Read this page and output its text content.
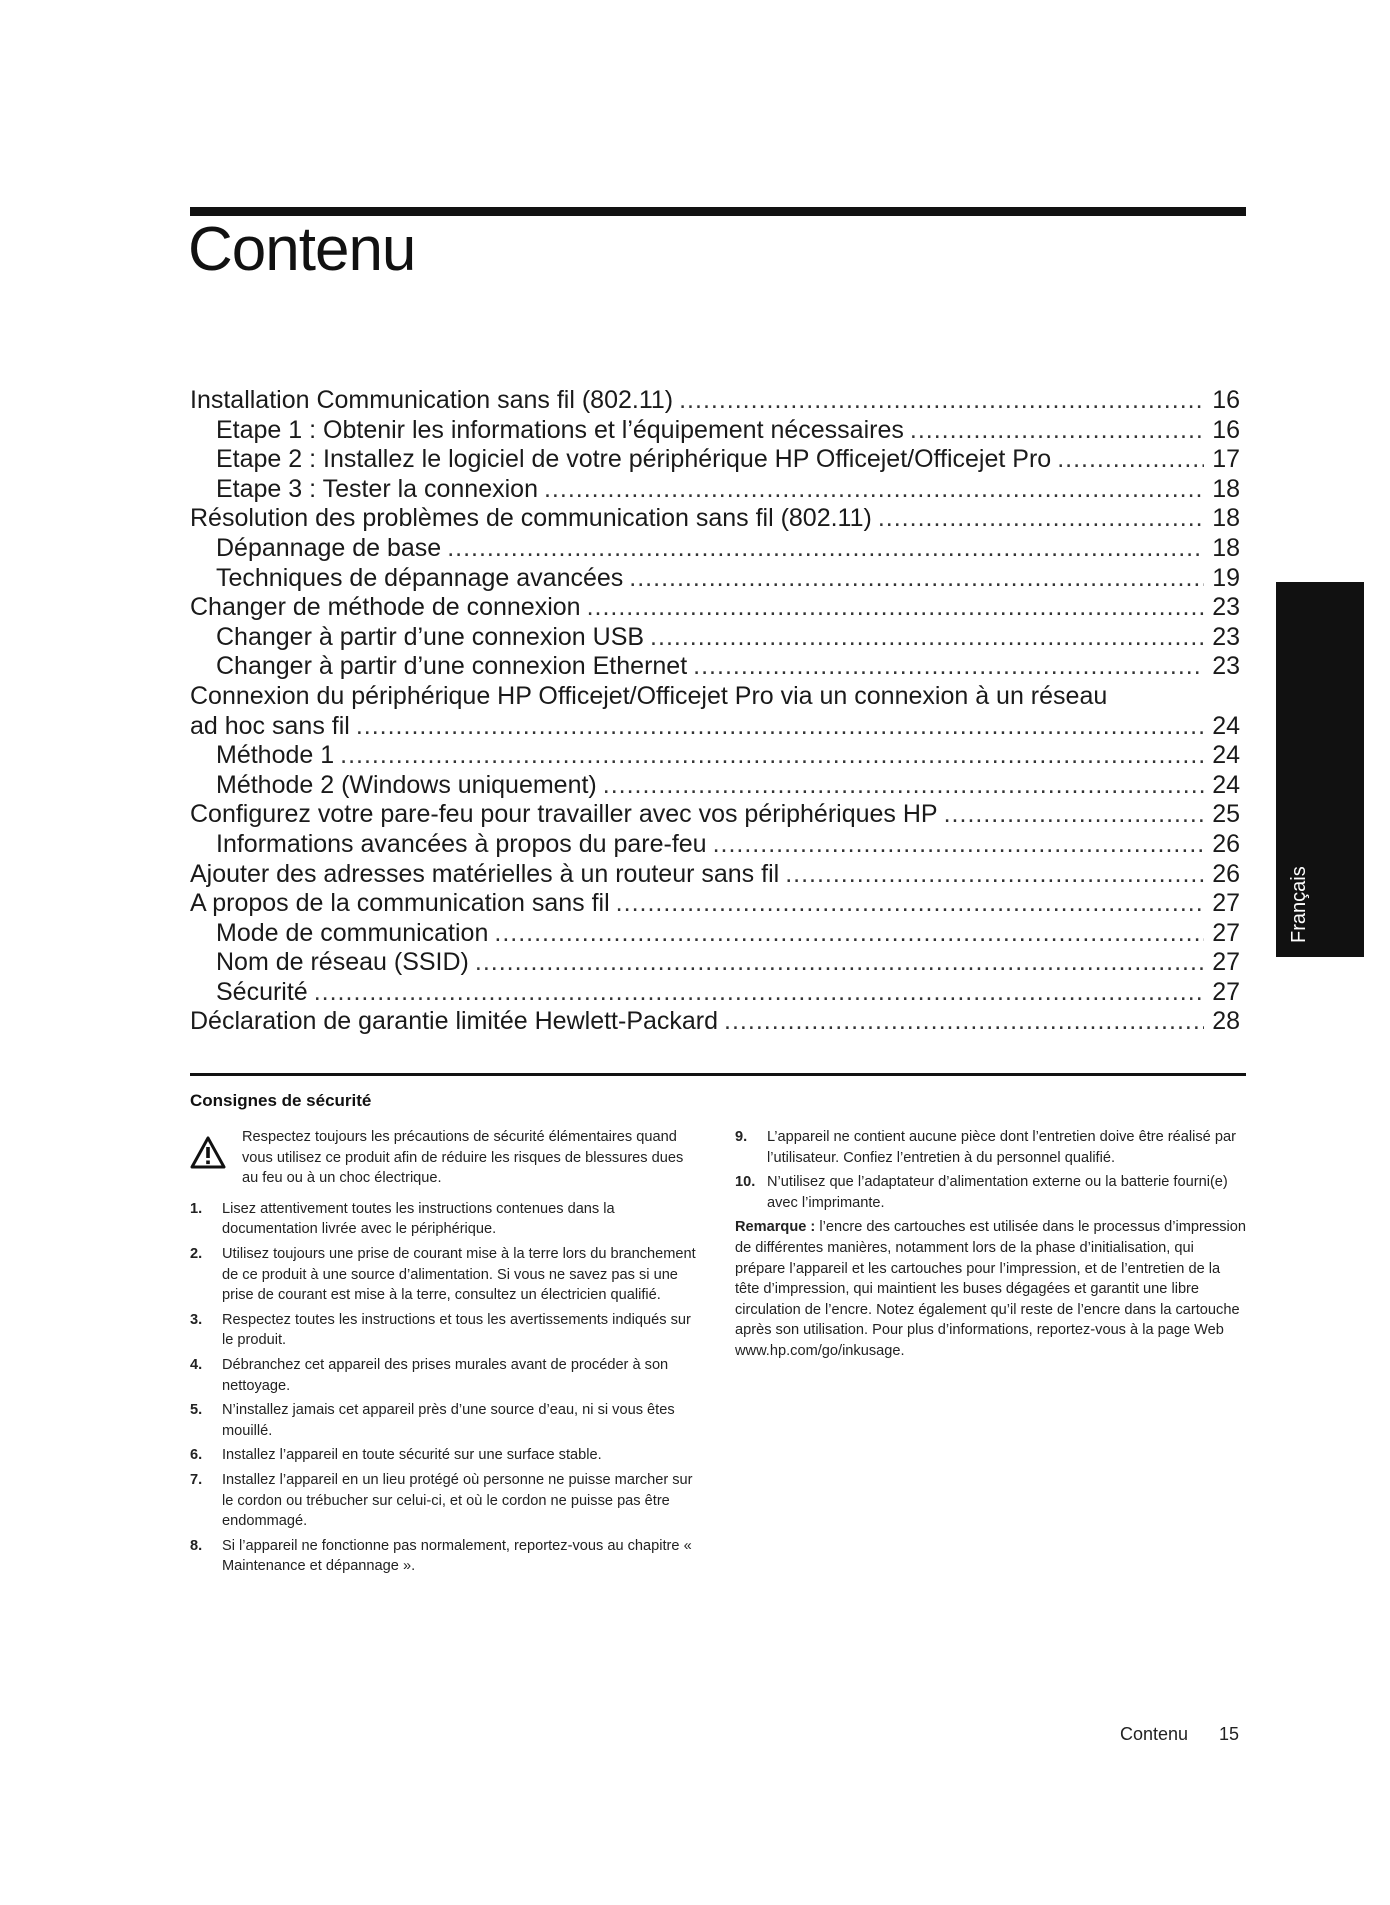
Contenu
Installation Communication sans fil (802.11) .....	16
Etape 1 : Obtenir les informations et l’équipement nécessaires .....	16
Etape 2 : Installez le logiciel de votre périphérique HP Officejet/Officejet Pro .....	17
Etape 3 : Tester la connexion .....	18
Résolution des problèmes de communication sans fil (802.11) .....	18
Dépannage de base .....	18
Techniques de dépannage avancées .....	19
Changer de méthode de connexion .....	23
Changer à partir d’une connexion USB .....	23
Changer à partir d’une connexion Ethernet .....	23
Connexion du périphérique HP Officejet/Officejet Pro via un connexion à un réseau
ad hoc sans fil .....	24
Méthode 1 .....	24
Méthode 2 (Windows uniquement) .....	24
Configurez votre pare-feu pour travailler avec vos périphériques HP .....	25
Informations avancées à propos du pare-feu .....	26
Ajouter des adresses matérielles à un routeur sans fil .....	26
A propos de la communication sans fil .....	27
Mode de communication .....	27
Nom de réseau (SSID) .....	27
Sécurité .....	27
Déclaration de garantie limitée Hewlett-Packard .....	28
Français
Consignes de sécurité
Respectez toujours les précautions de sécurité élémentaires quand vous utilisez ce produit afin de réduire les risques de blessures dues au feu ou à un choc électrique.
1.	Lisez attentivement toutes les instructions contenues dans la documentation livrée avec le périphérique.
2.	Utilisez toujours une prise de courant mise à la terre lors du branchement de ce produit à une source d’alimentation. Si vous ne savez pas si une prise de courant est mise à la terre, consultez un électricien qualifié.
3.	Respectez toutes les instructions et tous les avertissements indiqués sur le produit.
4.	Débranchez cet appareil des prises murales avant de procéder à son nettoyage.
5.	N’installez jamais cet appareil près d’une source d’eau, ni si vous êtes mouillé.
6.	Installez l’appareil en toute sécurité sur une surface stable.
7.	Installez l’appareil en un lieu protégé où personne ne puisse marcher sur le cordon ou trébucher sur celui-ci, et où le cordon ne puisse pas être endommagé.
8.	Si l’appareil ne fonctionne pas normalement, reportez-vous au chapitre « Maintenance et dépannage ».
9.	L’appareil ne contient aucune pièce dont l’entretien doive être réalisé par l’utilisateur. Confiez l’entretien à du personnel qualifié.
10. N’utilisez que l’adaptateur d’alimentation externe ou la batterie fourni(e) avec l’imprimante.
Remarque : l’encre des cartouches est utilisée dans le processus d’impression de différentes manières, notamment lors de la phase d’initialisation, qui prépare l’appareil et les cartouches pour l’impression, et de l’entretien de la tête d’impression, qui maintient les buses dégagées et garantit une libre circulation de l’encre. Notez également qu’il reste de l’encre dans la cartouche après son utilisation. Pour plus d’informations, reportez-vous à la page Web www.hp.com/go/inkusage.
Contenu 15
